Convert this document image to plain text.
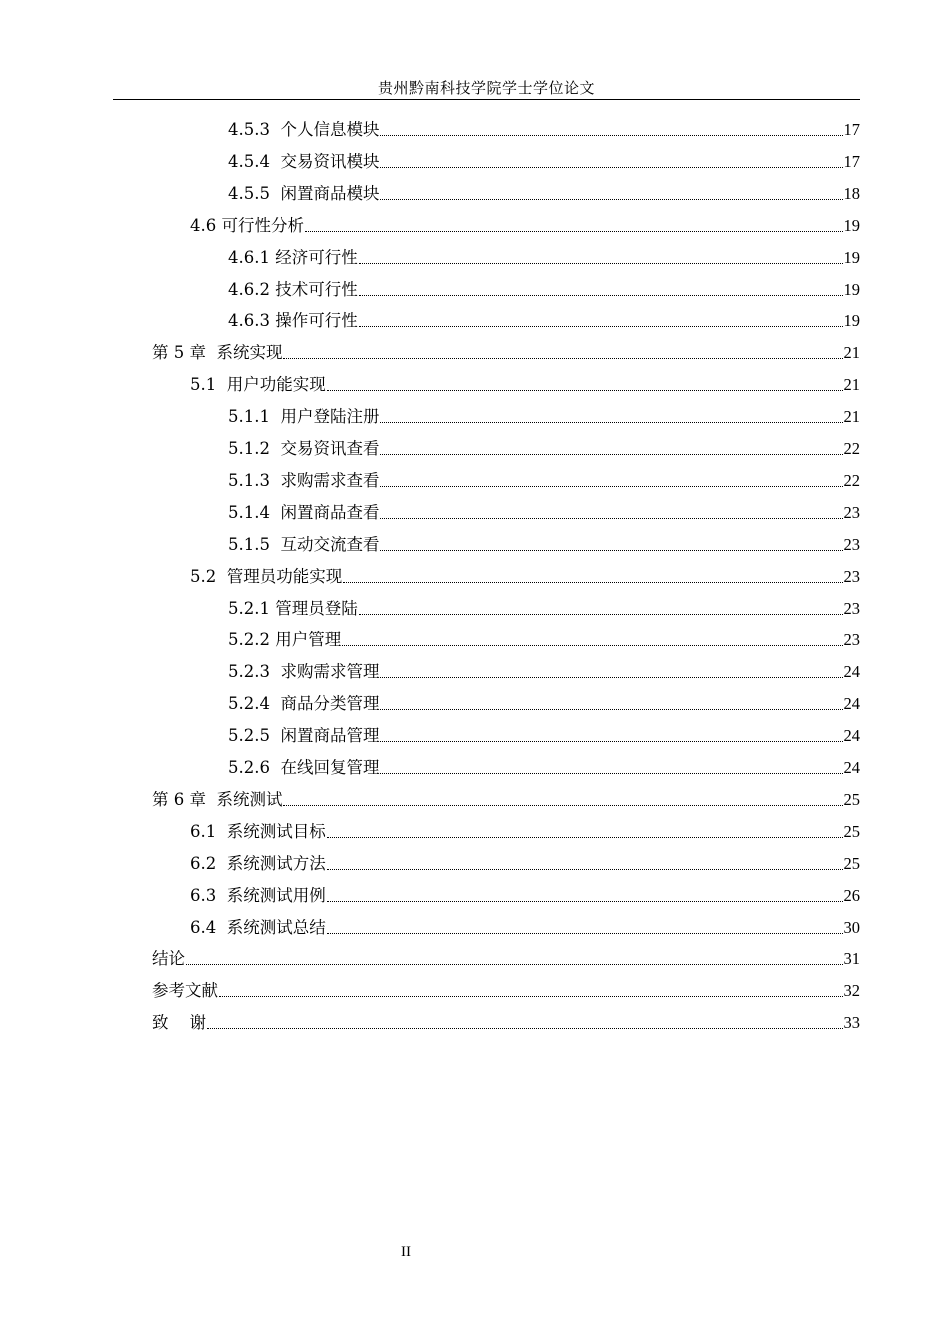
贵州黔南科技学院学士学位论文
4.5.3  个人信息模块	17
4.5.4  交易资讯模块	17
4.5.5  闲置商品模块	18
4.6 可行性分析	19
4.6.1 经济可行性	19
4.6.2 技术可行性	19
4.6.3 操作可行性	19
第 5 章  系统实现	21
5.1  用户功能实现	21
5.1.1  用户登陆注册	21
5.1.2  交易资讯查看	22
5.1.3  求购需求查看	22
5.1.4  闲置商品查看	23
5.1.5  互动交流查看	23
5.2  管理员功能实现	23
5.2.1 管理员登陆	23
5.2.2 用户管理	23
5.2.3  求购需求管理	24
5.2.4  商品分类管理	24
5.2.5  闲置商品管理	24
5.2.6  在线回复管理	24
第 6 章  系统测试	25
6.1  系统测试目标	25
6.2  系统测试方法	25
6.3  系统测试用例	26
6.4  系统测试总结	30
结论	31
参考文献	32
致    谢	33
II
